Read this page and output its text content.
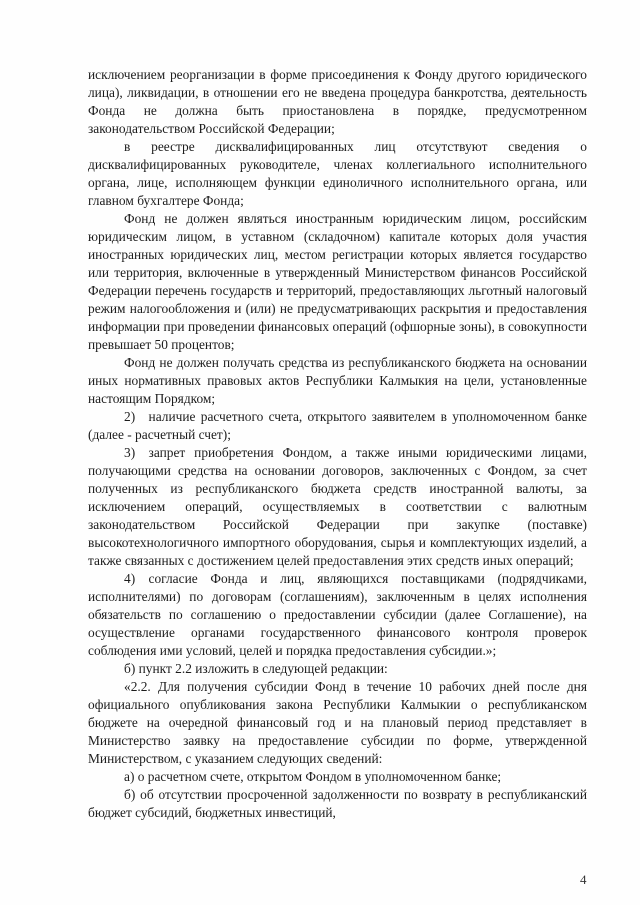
исключением реорганизации в форме присоединения к Фонду другого юридического лица), ликвидации, в отношении его не введена процедура банкротства, деятельность Фонда не должна быть приостановлена в порядке, предусмотренном законодательством Российской Федерации;

в реестре дисквалифицированных лиц отсутствуют сведения о дисквалифицированных руководителе, членах коллегиального исполнительного органа, лице, исполняющем функции единоличного исполнительного органа, или главном бухгалтере Фонда;

Фонд не должен являться иностранным юридическим лицом, российским юридическим лицом, в уставном (складочном) капитале которых доля участия иностранных юридических лиц, местом регистрации которых является государство или территория, включенные в утвержденный Министерством финансов Российской Федерации перечень государств и территорий, предоставляющих льготный налоговый режим налогообложения и (или) не предусматривающих раскрытия и предоставления информации при проведении финансовых операций (офшорные зоны), в совокупности превышает 50 процентов;

Фонд не должен получать средства из республиканского бюджета на основании иных нормативных правовых актов Республики Калмыкия на цели, установленные настоящим Порядком;

2) наличие расчетного счета, открытого заявителем в уполномоченном банке (далее - расчетный счет);

3) запрет приобретения Фондом, а также иными юридическими лицами, получающими средства на основании договоров, заключенных с Фондом, за счет полученных из республиканского бюджета средств иностранной валюты, за исключением операций, осуществляемых в соответствии с валютным законодательством Российской Федерации при закупке (поставке) высокотехнологичного импортного оборудования, сырья и комплектующих изделий, а также связанных с достижением целей предоставления этих средств иных операций;

4) согласие Фонда и лиц, являющихся поставщиками (подрядчиками, исполнителями) по договорам (соглашениям), заключенным в целях исполнения обязательств по соглашению о предоставлении субсидии (далее Соглашение), на осуществление органами государственного финансового контроля проверок соблюдения ими условий, целей и порядка предоставления субсидии.»;

б) пункт 2.2 изложить в следующей редакции:

«2.2. Для получения субсидии Фонд в течение 10 рабочих дней после дня официального опубликования закона Республики Калмыкии о республиканском бюджете на очередной финансовый год и на плановый период представляет в Министерство заявку на предоставление субсидии по форме, утвержденной Министерством, с указанием следующих сведений:

а) о расчетном счете, открытом Фондом в уполномоченном банке;

б) об отсутствии просроченной задолженности по возврату в республиканский бюджет субсидий, бюджетных инвестиций,

4
